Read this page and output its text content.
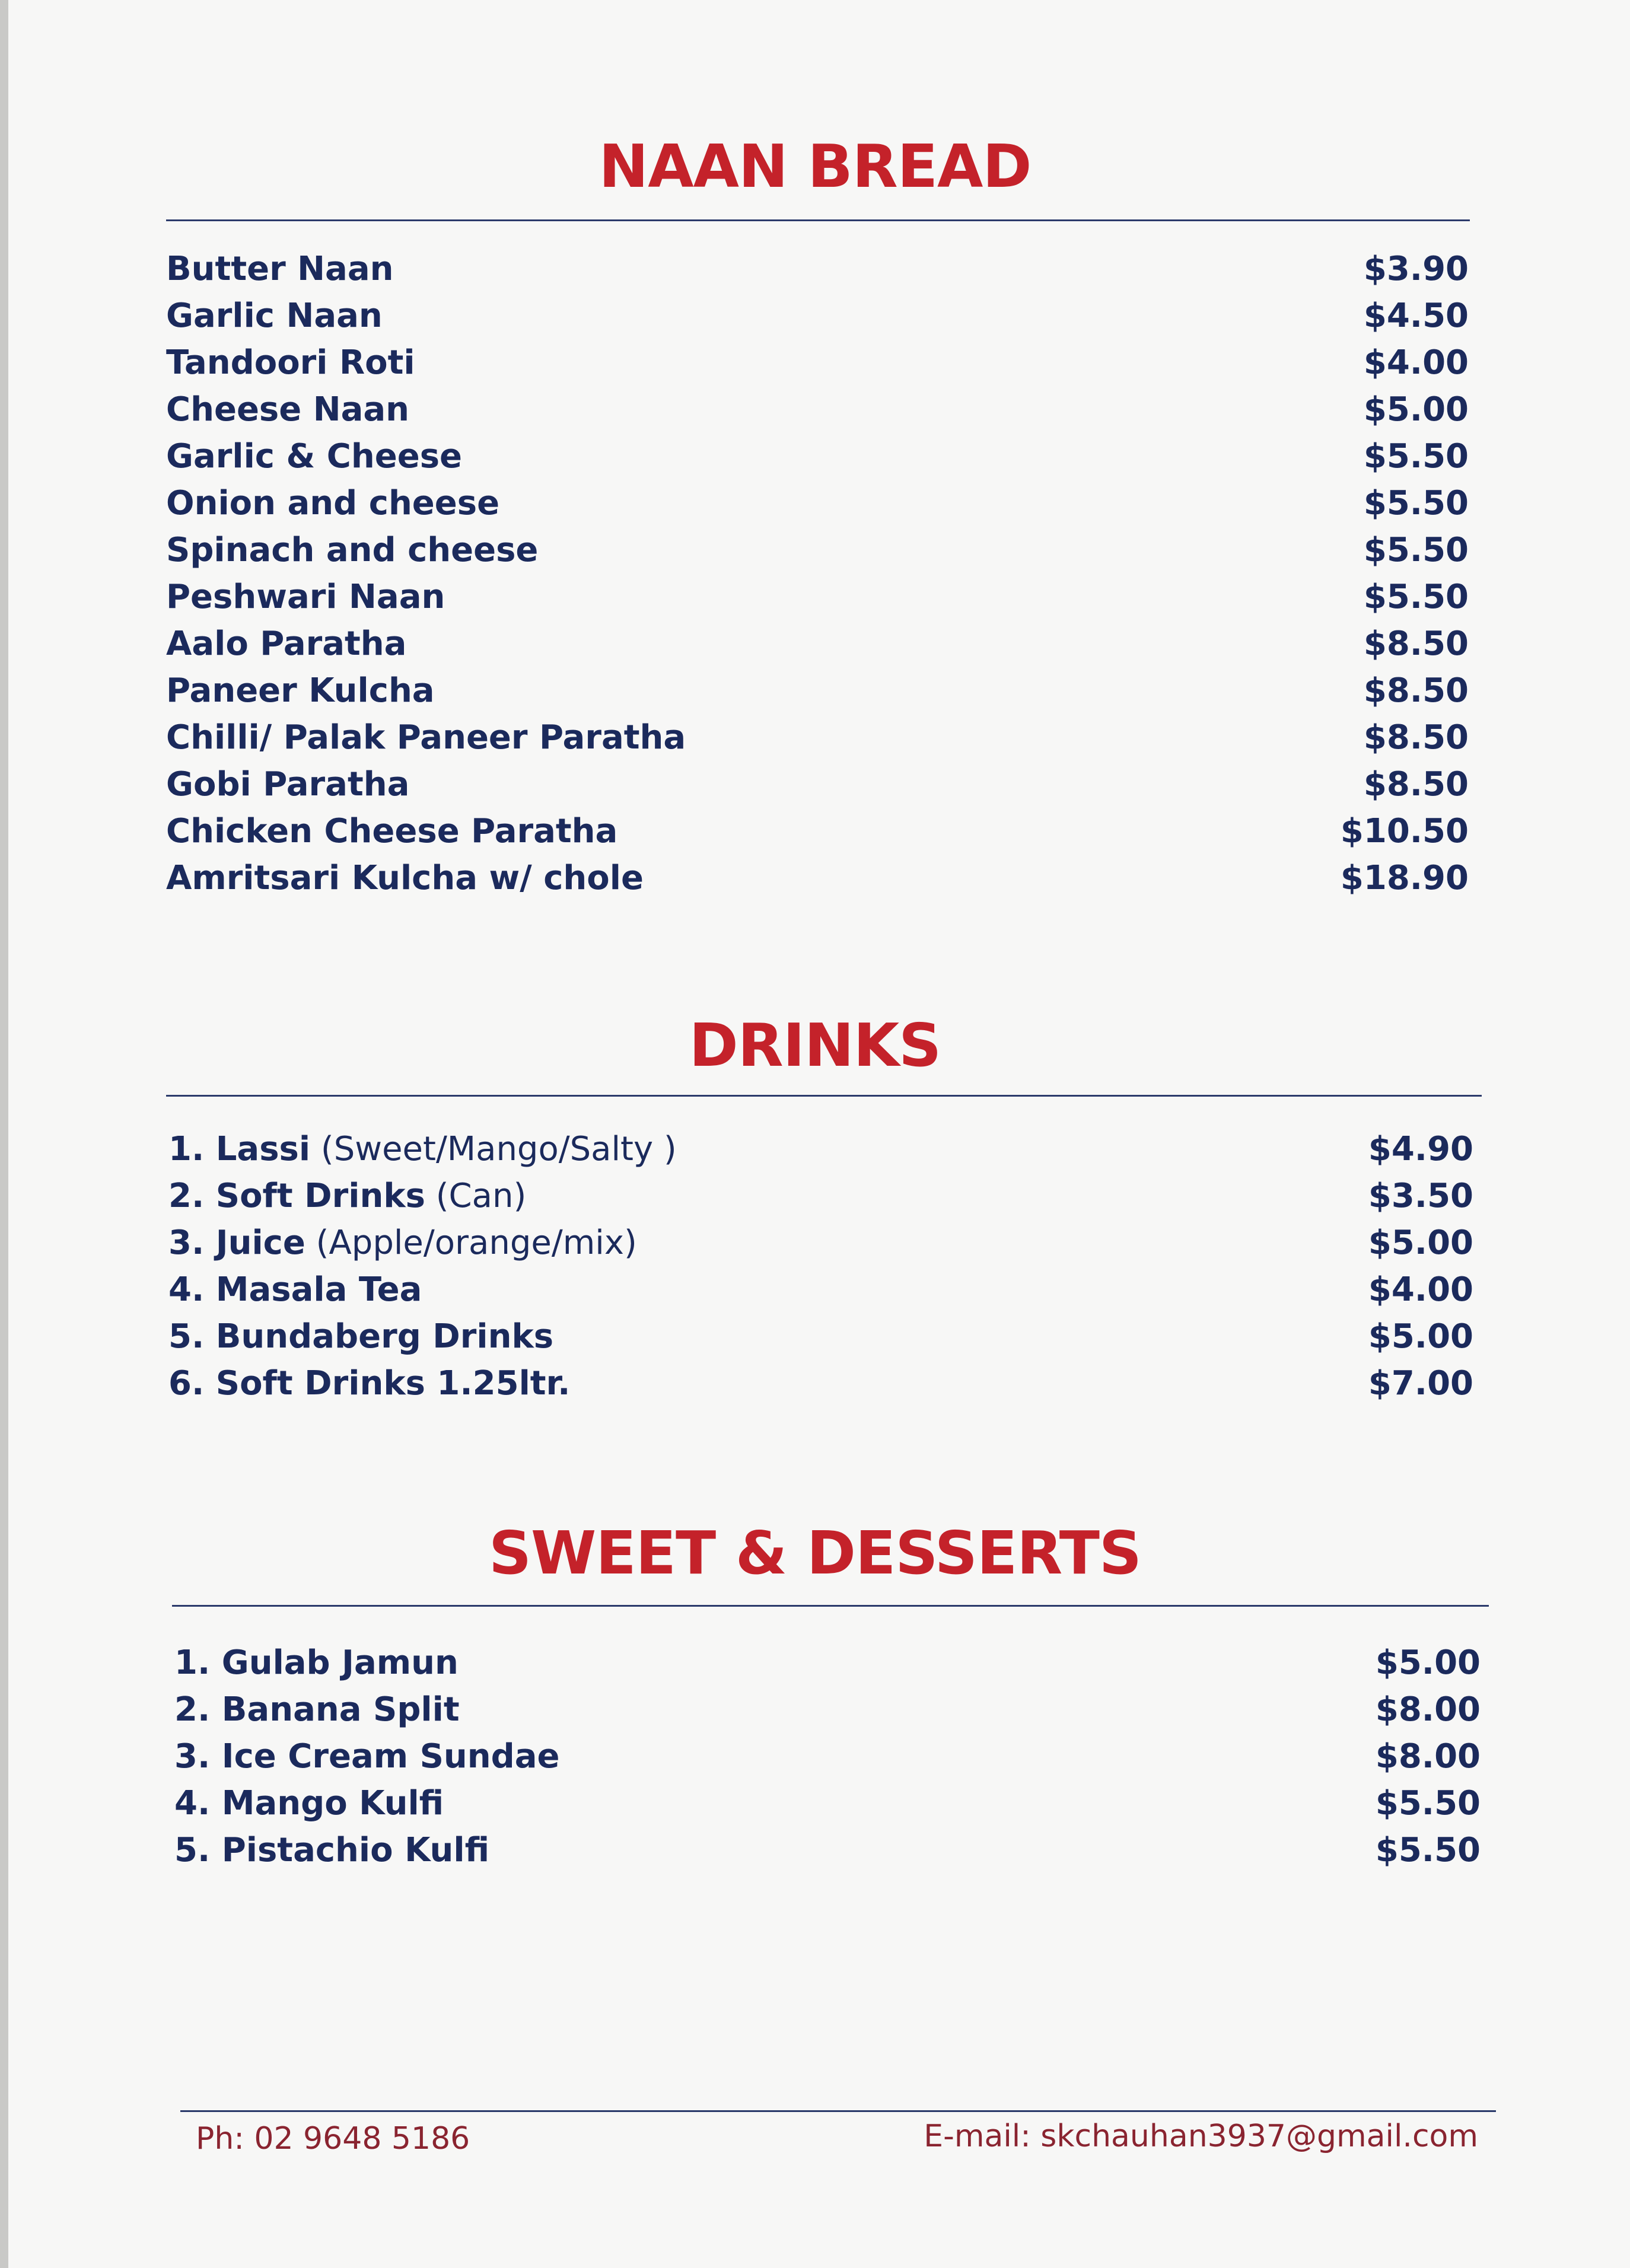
NAAN BREAD
Butter Naan	$3.90
Garlic Naan	$4.50
Tandoori Roti	$4.00
Cheese Naan	$5.00
Garlic & Cheese	$5.50
Onion and cheese	$5.50
Spinach and cheese	$5.50
Peshwari Naan	$5.50
Aalo Paratha	$8.50
Paneer Kulcha	$8.50
Chilli/ Palak Paneer Paratha	$8.50
Gobi Paratha	$8.50
Chicken Cheese Paratha	$10.50
Amritsari Kulcha w/ chole	$18.90
DRINKS
1. Lassi (Sweet/Mango/Salty )	$4.90
2. Soft Drinks (Can)	$3.50
3. Juice (Apple/orange/mix)	$5.00
4. Masala Tea	$4.00
5. Bundaberg Drinks	$5.00
6. Soft Drinks 1.25ltr.	$7.00
SWEET & DESSERTS
1. Gulab Jamun	$5.00
2. Banana Split	$8.00
3. Ice Cream Sundae	$8.00
4. Mango Kulfi	$5.50
5. Pistachio Kulfi	$5.50
Ph: 02 9648 5186	E-mail: skchauhan3937@gmail.com
